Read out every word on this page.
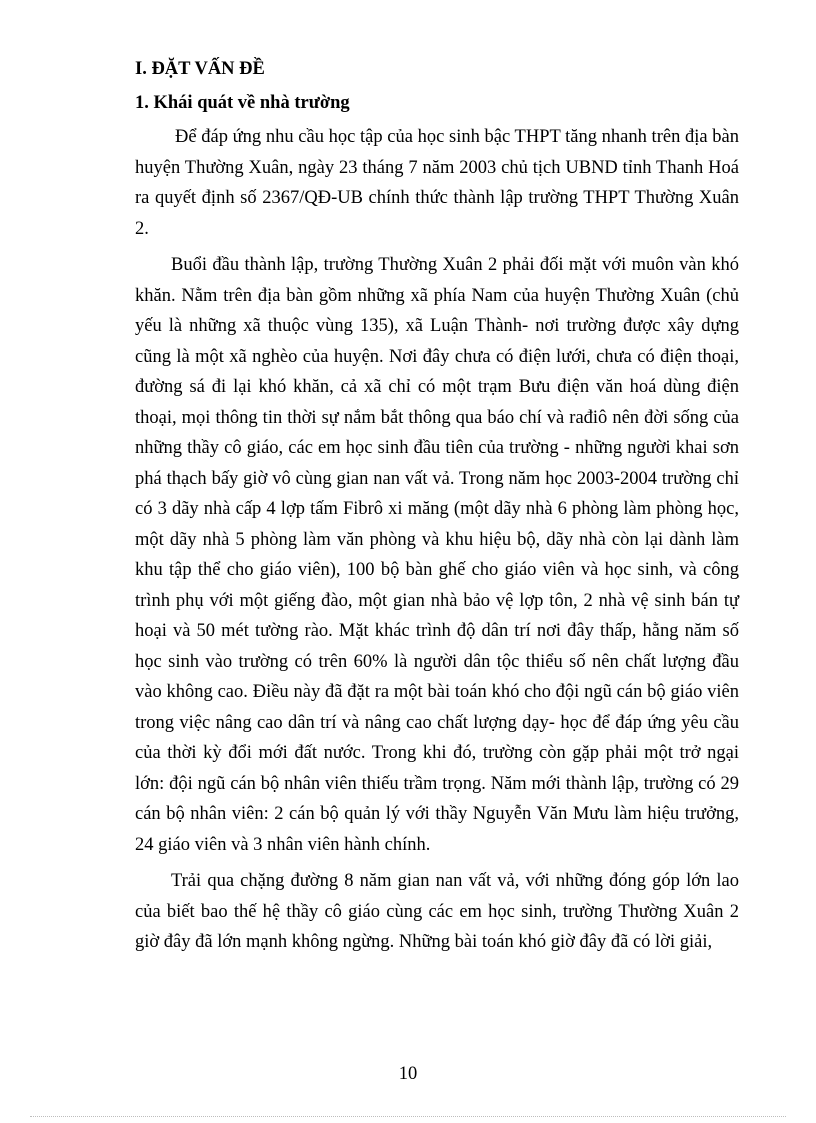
I. ĐẶT VẤN ĐỀ
1. Khái quát về nhà trường

Để đáp ứng nhu cầu học tập của học sinh bậc THPT tăng nhanh trên địa bàn huyện Thường Xuân, ngày 23 tháng 7 năm 2003 chủ tịch UBND tỉnh Thanh Hoá ra quyết định số 2367/QĐ-UB chính thức thành lập trường THPT Thường Xuân 2.

Buổi đầu thành lập, trường Thường Xuân 2 phải đối mặt với muôn vàn khó khăn. Nằm trên địa bàn gồm những xã phía Nam của huyện Thường Xuân (chủ yếu là những xã thuộc vùng 135), xã Luận Thành- nơi trường được xây dựng cũng là một xã nghèo của huyện. Nơi đây chưa có điện lưới, chưa có điện thoại, đường sá đi lại khó khăn, cả xã chỉ có một trạm Bưu điện văn hoá dùng điện thoại, mọi thông tin thời sự nắm bắt thông qua báo chí và rađiô nên đời sống của những thầy cô giáo, các em học sinh đầu tiên của trường - những người khai sơn phá thạch bấy giờ vô cùng gian nan vất vả. Trong năm học 2003-2004 trường chỉ có 3 dãy nhà cấp 4 lợp tấm Fibrô xi măng (một dãy nhà 6 phòng làm phòng học, một dãy nhà 5 phòng làm văn phòng và khu hiệu bộ, dãy nhà còn lại dành làm khu tập thể cho giáo viên), 100 bộ bàn ghế cho giáo viên và học sinh, và công trình phụ với một giếng đào, một gian nhà bảo vệ lợp tôn, 2 nhà vệ sinh bán tự hoại và 50 mét tường rào. Mặt khác trình độ dân trí nơi đây thấp, hằng năm số học sinh vào trường có trên 60% là người dân tộc thiểu số nên chất lượng đầu vào không cao. Điều này đã đặt ra một bài toán khó cho đội ngũ cán bộ giáo viên trong việc nâng cao dân trí và nâng cao chất lượng dạy- học để đáp ứng yêu cầu của thời kỳ đổi mới đất nước. Trong khi đó, trường còn gặp phải một trở ngại lớn: đội ngũ cán bộ nhân viên thiếu trầm trọng. Năm mới thành lập, trường có 29 cán bộ nhân viên: 2 cán bộ quản lý với thầy Nguyễn Văn Mưu làm hiệu trưởng, 24 giáo viên và 3 nhân viên hành chính.

Trải qua chặng đường 8 năm gian nan vất vả, với những đóng góp lớn lao của biết bao thế hệ thầy cô giáo cùng các em học sinh, trường Thường Xuân 2 giờ đây đã lớn mạnh không ngừng. Những bài toán khó giờ đây đã có lời giải,

10
